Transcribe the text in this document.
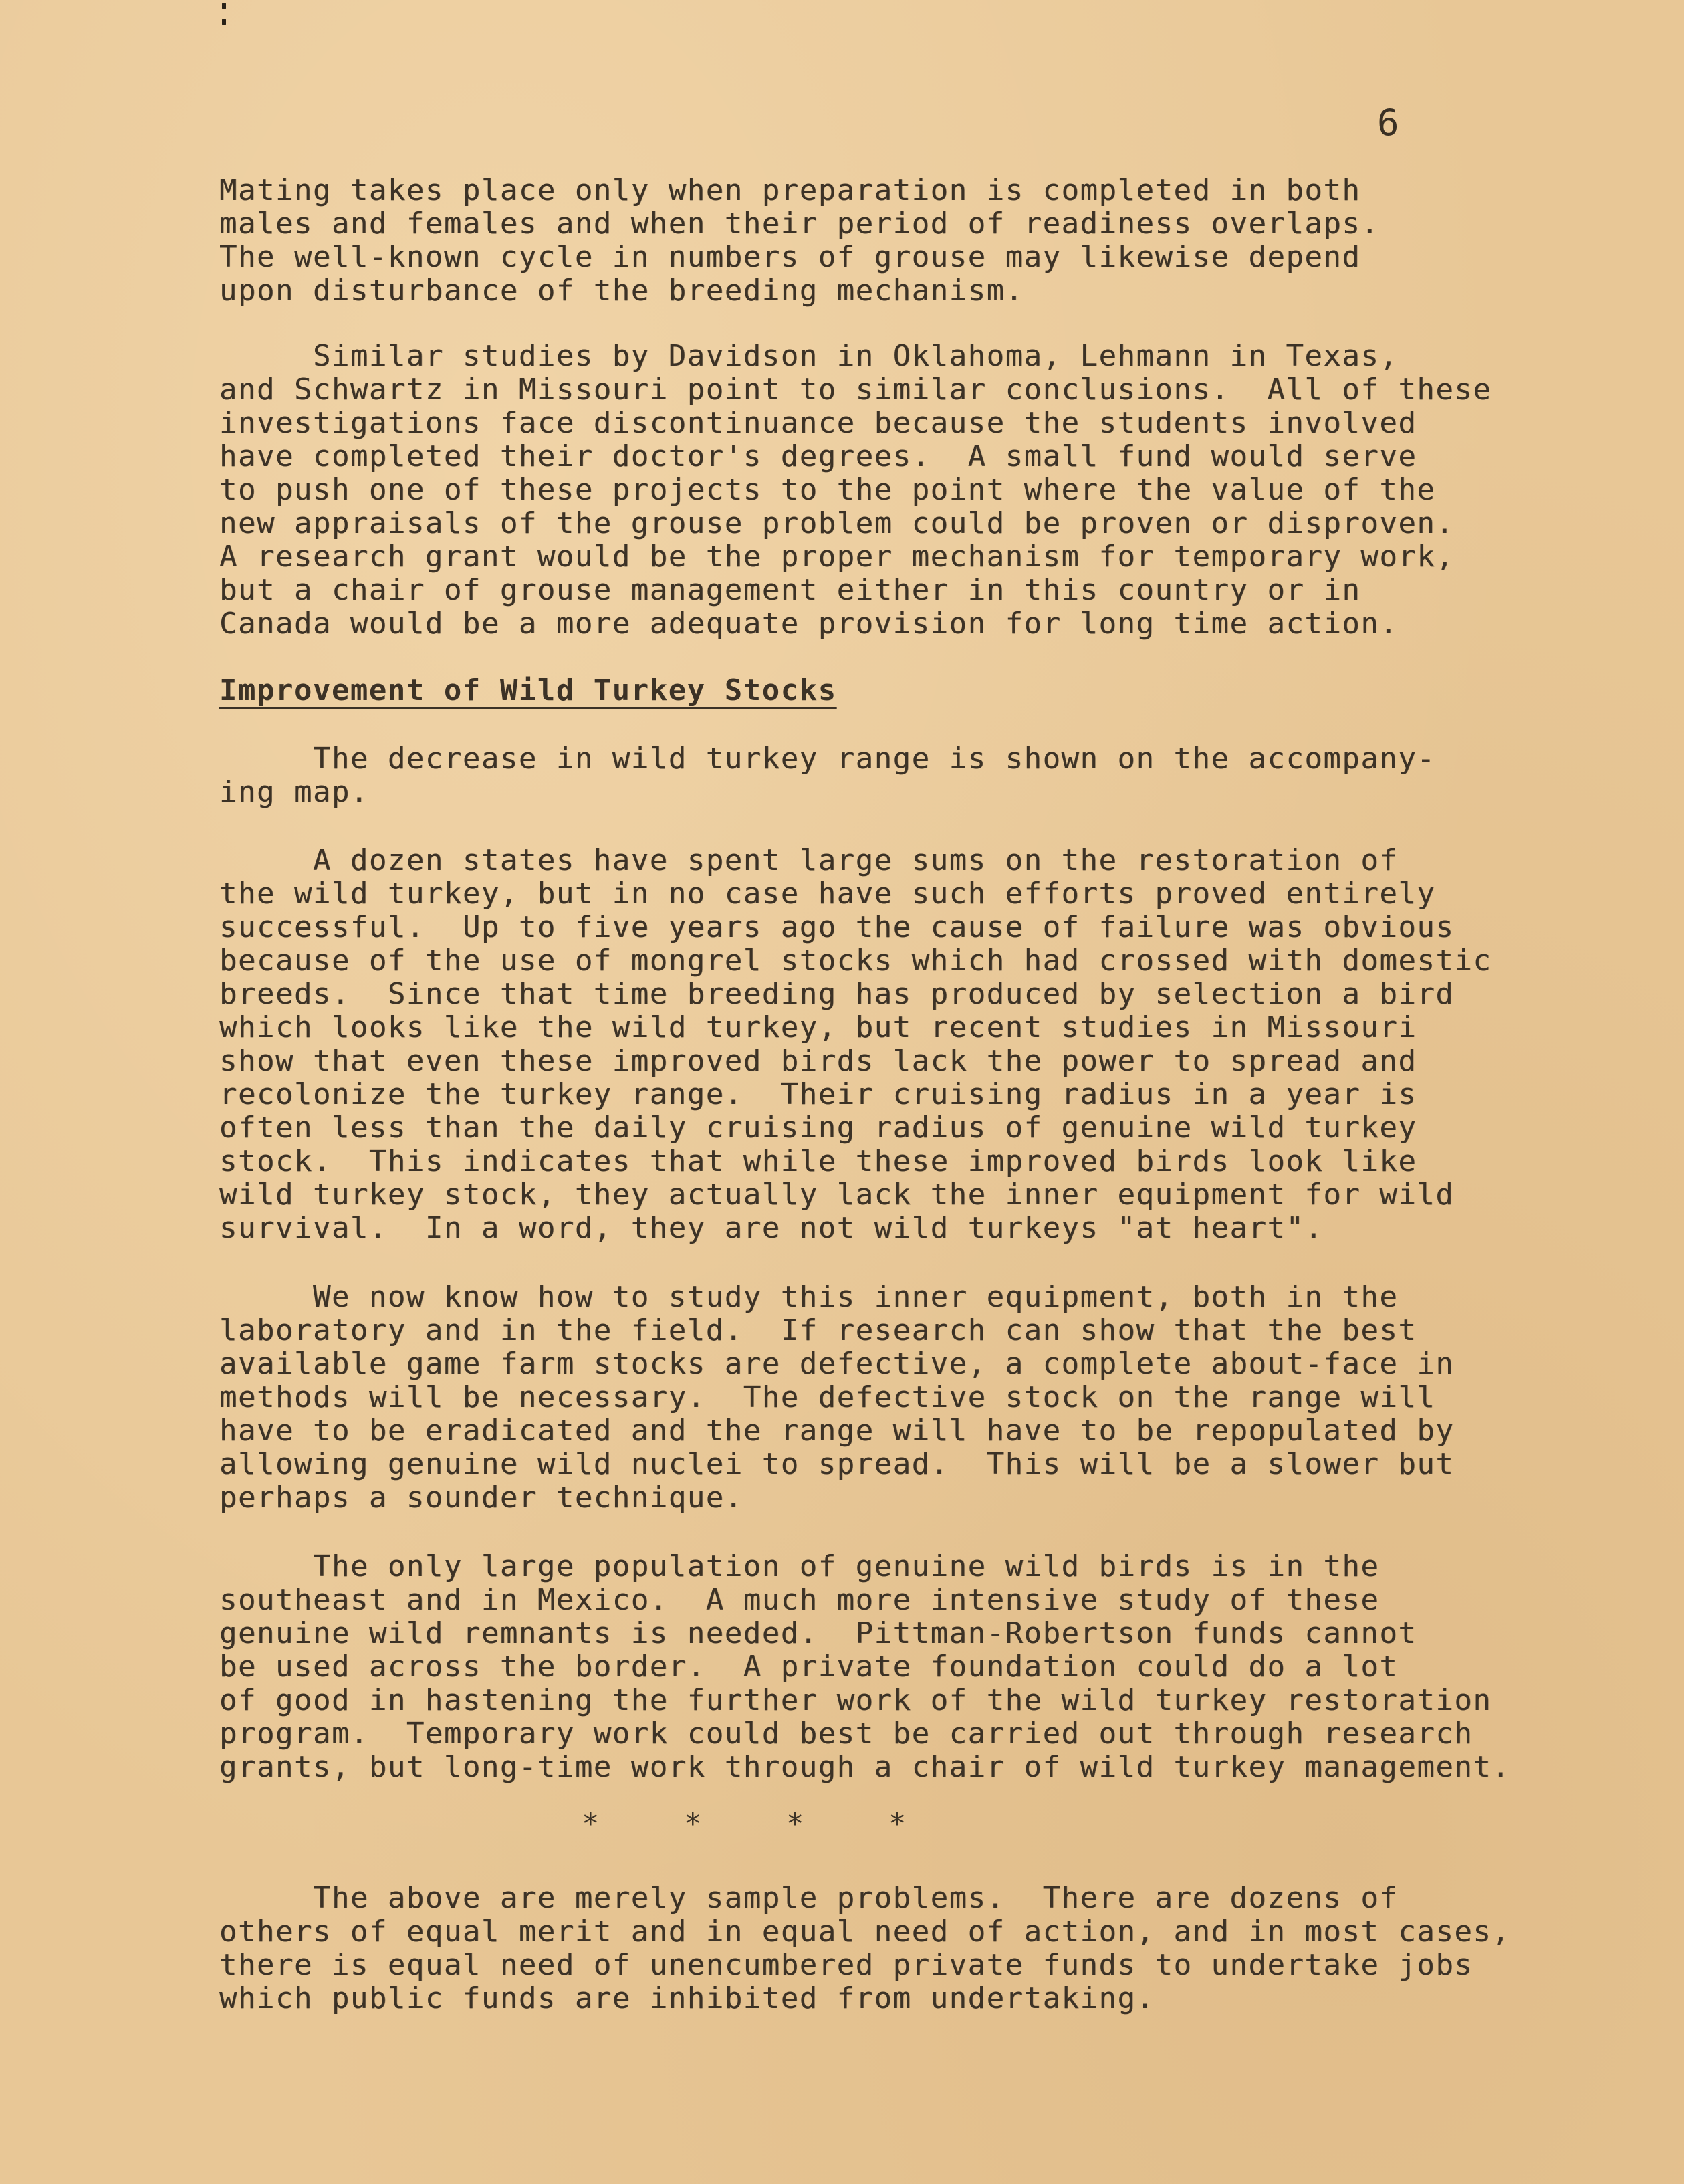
6

Mating takes place only when preparation is completed in both
males and females and when their period of readiness overlaps.
The well-known cycle in numbers of grouse may likewise depend
upon disturbance of the breeding mechanism.

Similar studies by Davidson in Oklahoma, Lehmann in Texas,
and Schwartz in Missouri point to similar conclusions.  All of these
investigations face discontinuance because the students involved
have completed their doctor's degrees.  A small fund would serve
to push one of these projects to the point where the value of the
new appraisals of the grouse problem could be proven or disproven.
A research grant would be the proper mechanism for temporary work,
but a chair of grouse management either in this country or in
Canada would be a more adequate provision for long time action.

Improvement of Wild Turkey Stocks

The decrease in wild turkey range is shown on the accompany-
ing map.

A dozen states have spent large sums on the restoration of
the wild turkey, but in no case have such efforts proved entirely
successful.  Up to five years ago the cause of failure was obvious
because of the use of mongrel stocks which had crossed with domestic
breeds.  Since that time breeding has produced by selection a bird
which looks like the wild turkey, but recent studies in Missouri
show that even these improved birds lack the power to spread and
recolonize the turkey range.  Their cruising radius in a year is
often less than the daily cruising radius of genuine wild turkey
stock.  This indicates that while these improved birds look like
wild turkey stock, they actually lack the inner equipment for wild
survival.  In a word, they are not wild turkeys "at heart".

We now know how to study this inner equipment, both in the
laboratory and in the field.  If research can show that the best
available game farm stocks are defective, a complete about-face in
methods will be necessary.  The defective stock on the range will
have to be eradicated and the range will have to be repopulated by
allowing genuine wild nuclei to spread.  This will be a slower but
perhaps a sounder technique.

The only large population of genuine wild birds is in the
southeast and in Mexico.  A much more intensive study of these
genuine wild remnants is needed.  Pittman-Robertson funds cannot
be used across the border.  A private foundation could do a lot
of good in hastening the further work of the wild turkey restoration
program.  Temporary work could best be carried out through research
grants, but long-time work through a chair of wild turkey management.

* * * *

The above are merely sample problems.  There are dozens of
others of equal merit and in equal need of action, and in most cases,
there is equal need of unencumbered private funds to undertake jobs
which public funds are inhibited from undertaking.
